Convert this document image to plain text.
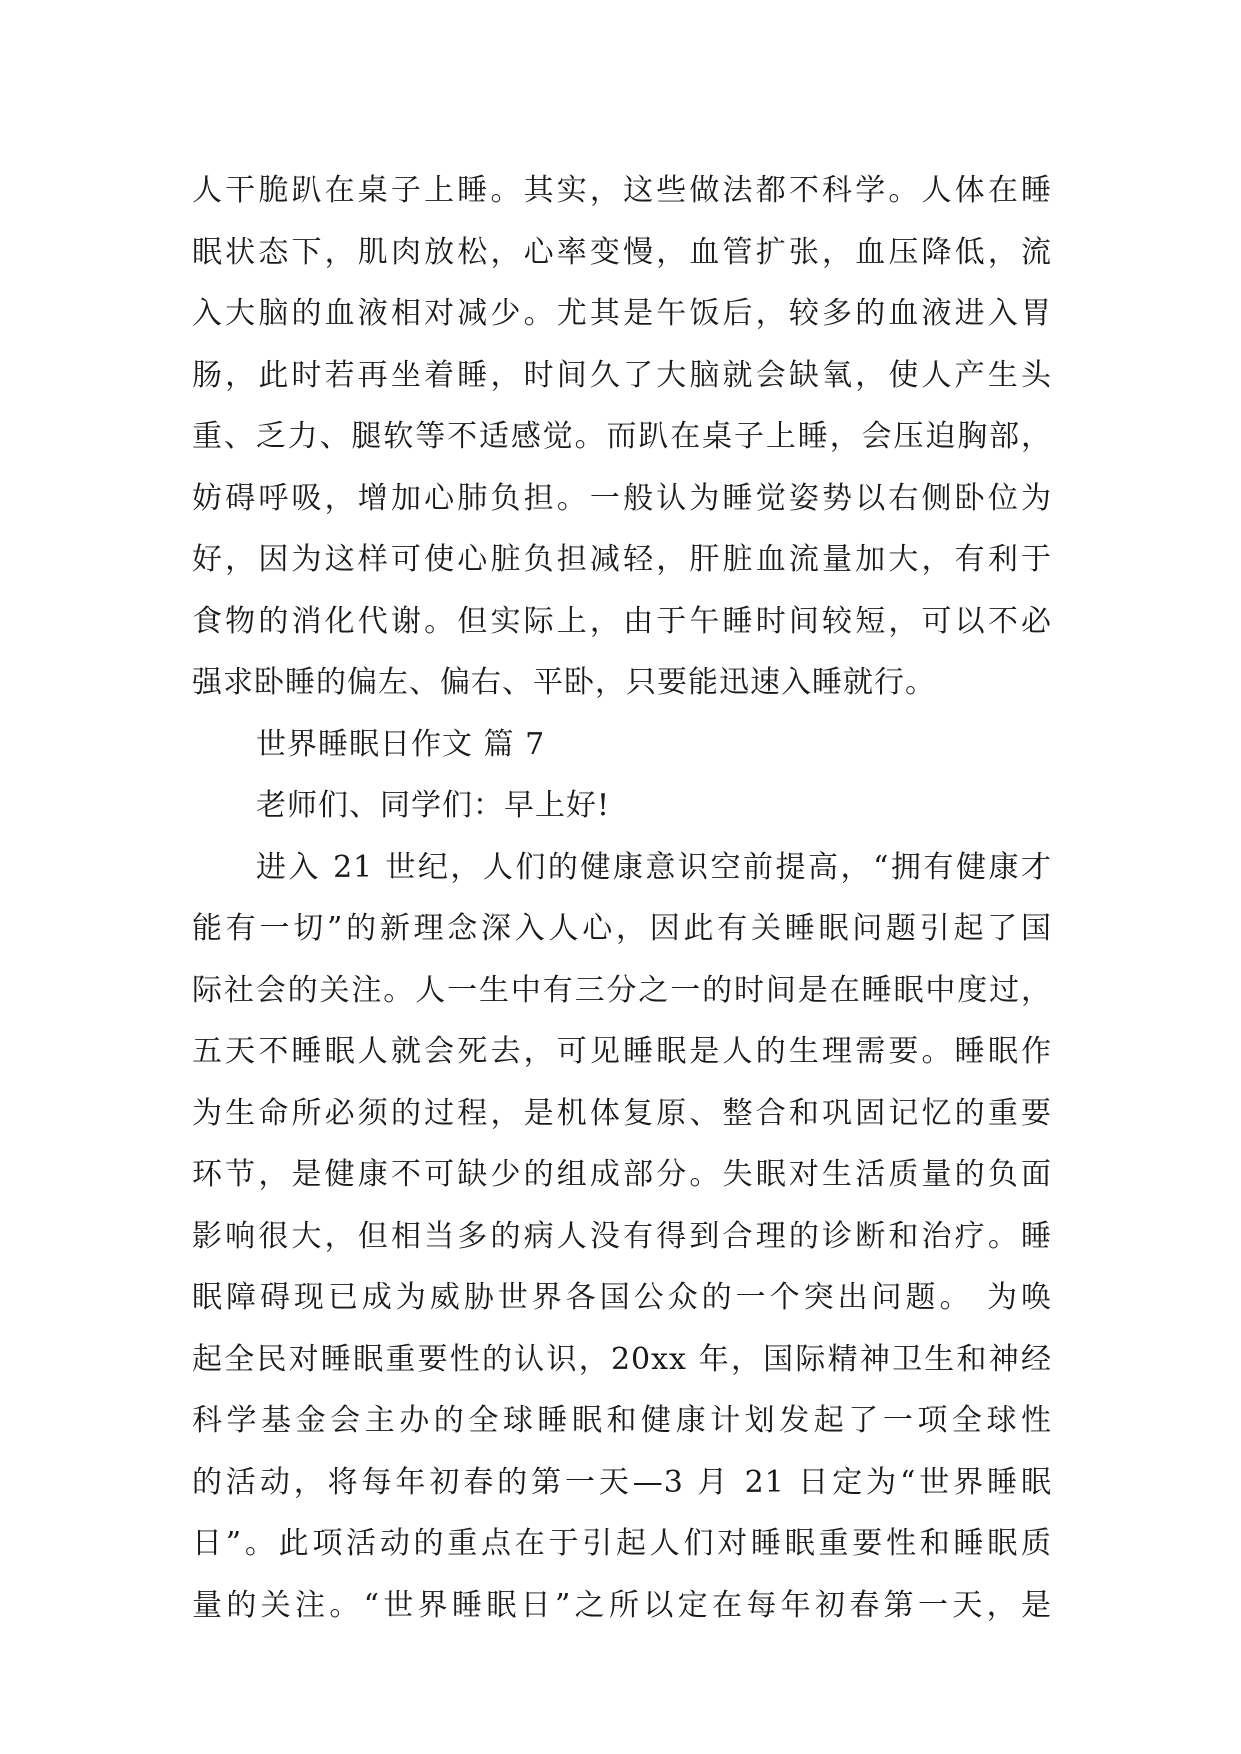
人干脆趴在桌子上睡。其实，这些做法都不科学。人体在睡
眠状态下，肌肉放松，心率变慢，血管扩张，血压降低，流
入大脑的血液相对减少。尤其是午饭后，较多的血液进入胃
肠，此时若再坐着睡，时间久了大脑就会缺氧，使人产生头
重、乏力、腿软等不适感觉。而趴在桌子上睡，会压迫胸部，
妨碍呼吸，增加心肺负担。一般认为睡觉姿势以右侧卧位为
好，因为这样可使心脏负担减轻，肝脏血流量加大，有利于
食物的消化代谢。但实际上，由于午睡时间较短，可以不必
强求卧睡的偏左、偏右、平卧，只要能迅速入睡就行。
世界睡眠日作文 篇 7
老师们、同学们：早上好!
进入 21 世纪，人们的健康意识空前提高，“拥有健康才
能有一切”的新理念深入人心，因此有关睡眠问题引起了国
际社会的关注。人一生中有三分之一的时间是在睡眠中度过，
五天不睡眠人就会死去，可见睡眠是人的生理需要。睡眠作
为生命所必须的过程，是机体复原、整合和巩固记忆的重要
环节，是健康不可缺少的组成部分。失眠对生活质量的负面
影响很大，但相当多的病人没有得到合理的诊断和治疗。睡
眠障碍现已成为威胁世界各国公众的一个突出问题。 为唤
起全民对睡眠重要性的认识，20xx 年，国际精神卫生和神经
科学基金会主办的全球睡眠和健康计划发起了一项全球性
的活动，将每年初春的第一天—3 月 21 日定为“世界睡眠
日”。此项活动的重点在于引起人们对睡眠重要性和睡眠质
量的关注。“世界睡眠日”之所以定在每年初春第一天，是
